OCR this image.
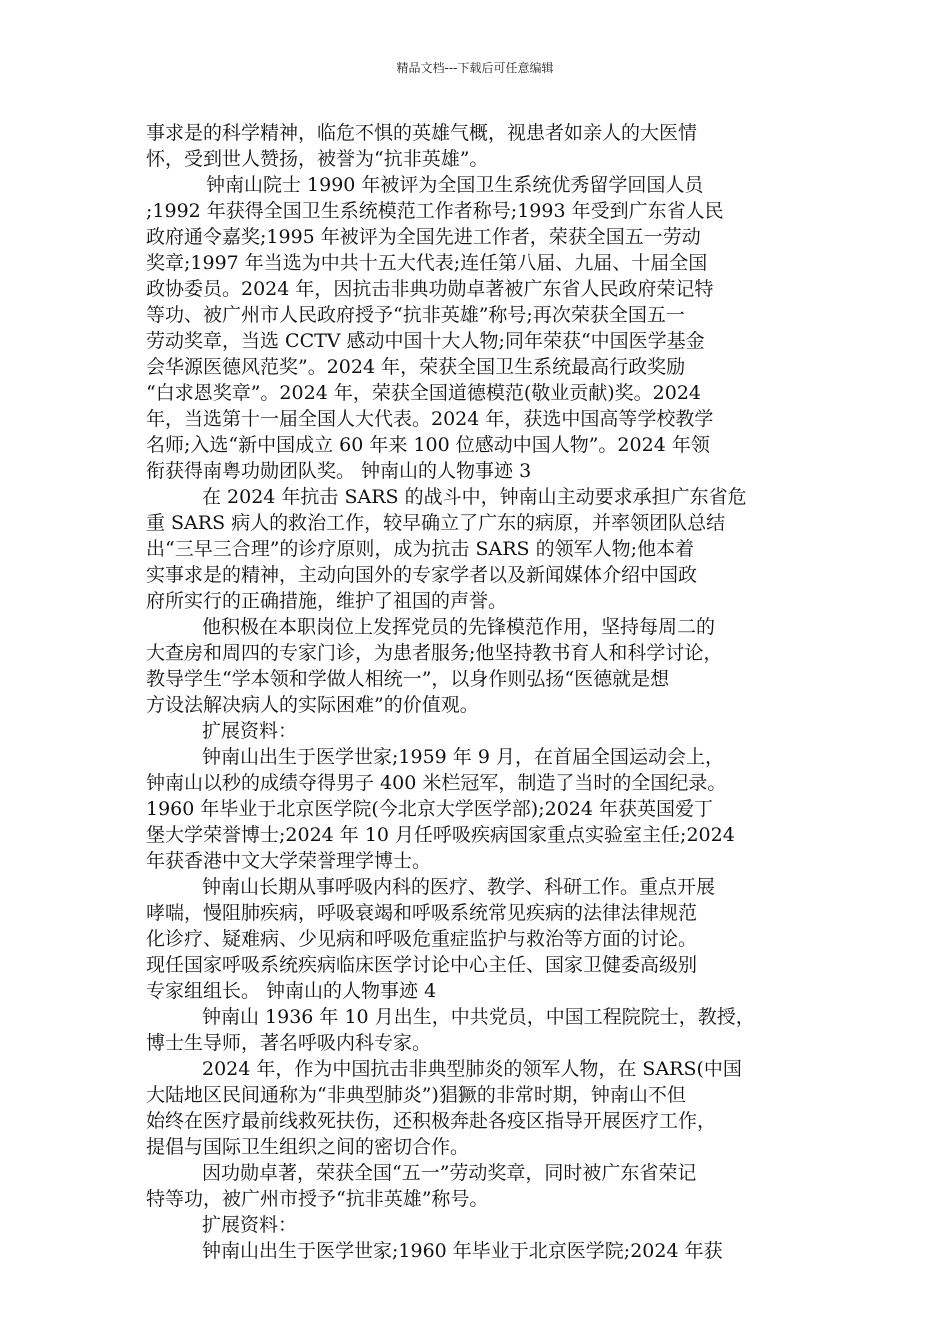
精品文档---下载后可任意编辑
事求是的科学精神，临危不惧的英雄气概，视患者如亲人的大医情
怀，受到世人赞扬，被誉为“抗非英雄”。
钟南山院士 1990 年被评为全国卫生系统优秀留学回国人员
;1992 年获得全国卫生系统模范工作者称号;1993 年受到广东省人民
政府通令嘉奖;1995 年被评为全国先进工作者，荣获全国五一劳动
奖章;1997 年当选为中共十五大代表;连任第八届、九届、十届全国
政协委员。2024 年，因抗击非典功勋卓著被广东省人民政府荣记特
等功、被广州市人民政府授予“抗非英雄”称号;再次荣获全国五一
劳动奖章，当选 CCTV 感动中国十大人物;同年荣获“中国医学基金
会华源医德风范奖”。2024 年，荣获全国卫生系统最高行政奖励
“白求恩奖章”。2024 年，荣获全国道德模范(敬业贡献)奖。2024
年，当选第十一届全国人大代表。2024 年，获选中国高等学校教学
名师;入选“新中国成立 60 年来 100 位感动中国人物”。2024 年领
衔获得南粤功勋团队奖。 钟南山的人物事迹 3
在 2024 年抗击 SARS 的战斗中，钟南山主动要求承担广东省危
重 SARS 病人的救治工作，较早确立了广东的病原，并率领团队总结
出“三早三合理”的诊疗原则，成为抗击 SARS 的领军人物;他本着
实事求是的精神，主动向国外的专家学者以及新闻媒体介绍中国政
府所实行的正确措施，维护了祖国的声誉。
他积极在本职岗位上发挥党员的先锋模范作用，坚持每周二的
大查房和周四的专家门诊，为患者服务;他坚持教书育人和科学讨论，
教导学生“学本领和学做人相统一”，以身作则弘扬“医德就是想
方设法解决病人的实际困难”的价值观。
扩展资料：
钟南山出生于医学世家;1959 年 9 月，在首届全国运动会上，
钟南山以秒的成绩夺得男子 400 米栏冠军，制造了当时的全国纪录。
1960 年毕业于北京医学院(今北京大学医学部);2024 年获英国爱丁
堡大学荣誉博士;2024 年 10 月任呼吸疾病国家重点实验室主任;2024
年获香港中文大学荣誉理学博士。
钟南山长期从事呼吸内科的医疗、教学、科研工作。重点开展
哮喘，慢阻肺疾病，呼吸衰竭和呼吸系统常见疾病的法律法律规范
化诊疗、疑难病、少见病和呼吸危重症监护与救治等方面的讨论。
现任国家呼吸系统疾病临床医学讨论中心主任、国家卫健委高级别
专家组组长。 钟南山的人物事迹 4
钟南山 1936 年 10 月出生，中共党员，中国工程院院士，教授，
博士生导师，著名呼吸内科专家。
2024 年，作为中国抗击非典型肺炎的领军人物，在 SARS(中国
大陆地区民间通称为“非典型肺炎”)猖獗的非常时期，钟南山不但
始终在医疗最前线救死扶伤，还积极奔赴各疫区指导开展医疗工作，
提倡与国际卫生组织之间的密切合作。
因功勋卓著，荣获全国“五一”劳动奖章，同时被广东省荣记
特等功，被广州市授予“抗非英雄”称号。
扩展资料：
钟南山出生于医学世家;1960 年毕业于北京医学院;2024 年获
